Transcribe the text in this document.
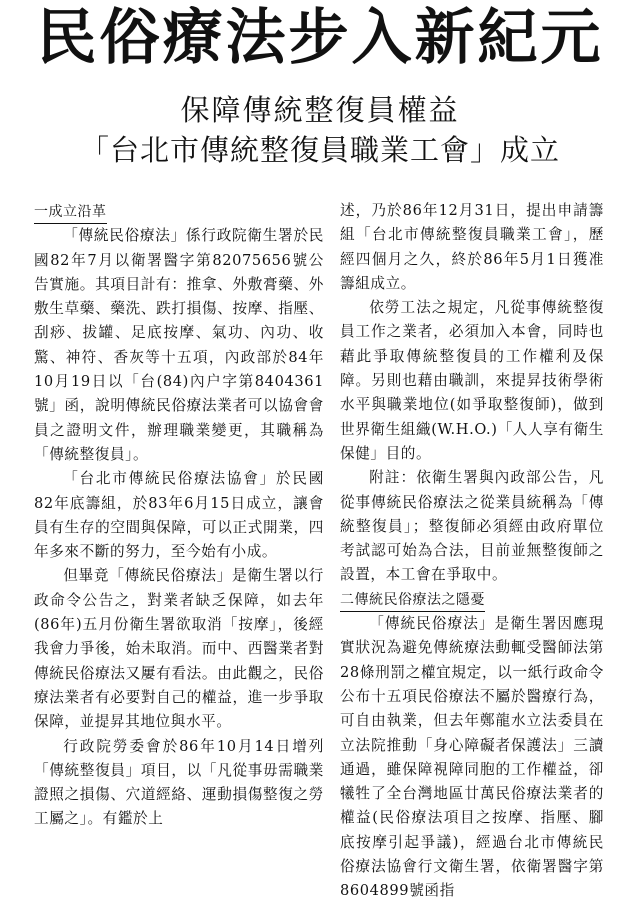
民俗療法步入新紀元
保障傳統整復員權益
「台北市傳統整復員職業工會」成立
一成立沿革

「傳統民俗療法」係行政院衛生署於民國82年7月以衛署醫字第82075656號公告實施。其項目計有：推拿、外敷膏藥、外敷生草藥、藥洗、跌打損傷、按摩、指壓、刮痧、拔罐、足底按摩、氣功、內功、收驚、神符、香灰等十五項，內政部於84年10月19日以「台(84)內户字第8404361號」函，說明傳統民俗療法業者可以協會會員之證明文件，辦理職業變更，其職稱為「傳統整復員」。

「台北市傳統民俗療法協會」於民國82年底籌組，於83年6月15日成立，讓會員有生存的空間與保障，可以正式開業，四年多來不斷的努力，至今始有小成。

但畢竟「傳統民俗療法」是衛生署以行政命令公告之，對業者缺乏保障，如去年(86年)五月份衛生署欲取消「按摩」，後經我會力爭後，始未取消。而中、西醫業者對傳統民俗療法又屢有看法。由此觀之，民俗療法業者有必要對自己的權益，進一步爭取保障，並提昇其地位與水平。

行政院勞委會於86年10月14日增列「傳統整復員」項目，以「凡從事毋需職業證照之損傷、穴道經絡、運動損傷整復之勞工屬之」。有鑑於上

述，乃於86年12月31日，提出申請籌組「台北市傳統整復員職業工會」，歷經四個月之久，終於86年5月1日獲准籌組成立。

依勞工法之規定，凡從事傳統整復員工作之業者，必須加入本會，同時也藉此爭取傳統整復員的工作權利及保障。另則也藉由職訓，來提昇技術學術水平與職業地位(如爭取整復師)，做到世界衛生組織(W.H.O.)「人人享有衛生保健」目的。

附註：依衛生署與內政部公告，凡從事傳統民俗療法之從業員統稱為「傳統整復員」；整復師必須經由政府單位考試認可始為合法，目前並無整復師之設置，本工會在爭取中。

二傳統民俗療法之隱憂

「傳統民俗療法」是衛生署因應現實狀況為避免傳統療法動輒受醫師法第28條刑罰之權宜規定，以一紙行政命令公布十五項民俗療法不屬於醫療行為，可自由執業，但去年鄭龍水立法委員在立法院推動「身心障礙者保護法」三讀通過，雖保障視障同胞的工作權益，卻犧牲了全台灣地區廿萬民俗療法業者的權益(民俗療法項目之按摩、指壓、腳底按摩引起爭議)，經過台北市傳統民俗療法協會行文衛生署，依衛署醫字第8604899號函指
